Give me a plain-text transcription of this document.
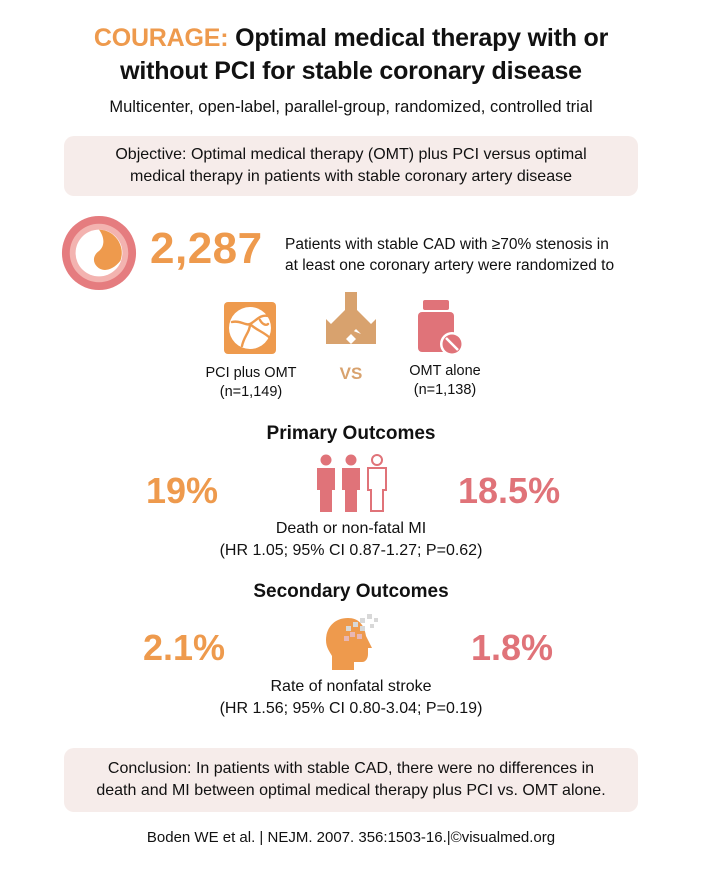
COURAGE: Optimal medical therapy with or
without PCI for stable coronary disease
Multicenter, open-label, parallel-group, randomized, controlled trial
Objective: Optimal medical therapy (OMT) plus PCI versus optimal
medical therapy in patients with stable coronary artery disease
2,287 Patients with stable CAD with ≥70% stenosis in
at least one coronary artery were randomized to
PCI plus OMT
(n=1,149)
VS	OMT alone
(n=1,138)
Primary Outcomes
19%	18.5%
Death or non-fatal MI
(HR 1.05; 95% CI 0.87-1.27; P=0.62)
Secondary Outcomes
2.1%	1.8%
Rate of nonfatal stroke
(HR 1.56; 95% CI 0.80-3.04; P=0.19)
Conclusion: In patients with stable CAD, there were no differences in
death and MI between optimal medical therapy plus PCI vs. OMT alone.
Boden WE et al. | NEJM. 2007. 356:1503-16.|©visualmed.org
